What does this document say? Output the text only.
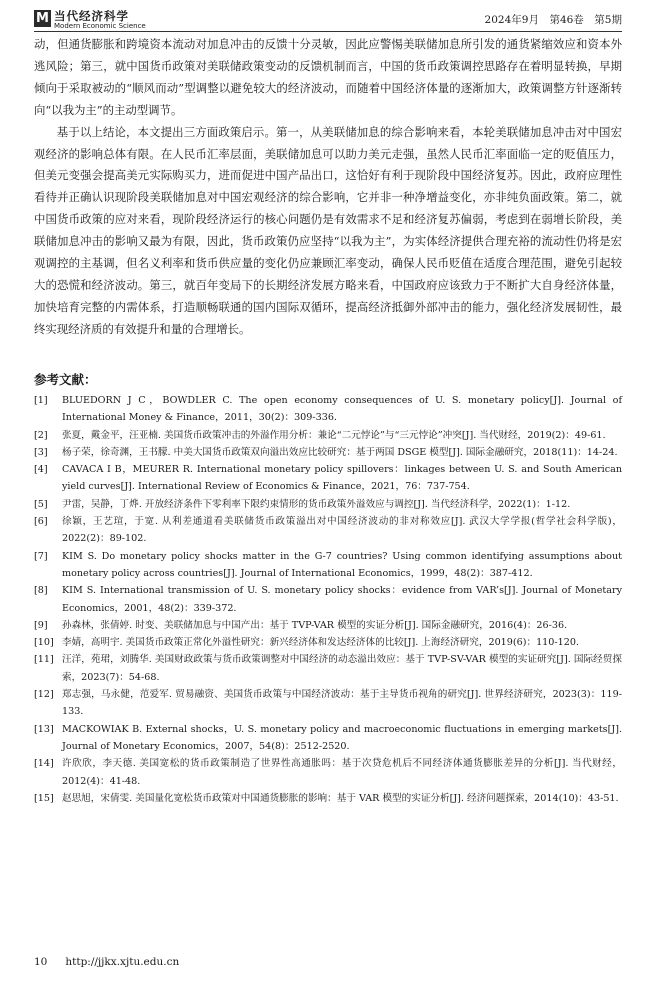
M 当代经济科学
Modern Economic Science	2024年9月　第46卷　第5期

动，但通货膨胀和跨境资本流动对加息冲击的反馈十分灵敏，因此应警惕美联储加息所引发的通货紧缩效应和资本外逃风险；第三，就中国货币政策对美联储政策变动的反馈机制而言，中国的货币政策调控思路存在着明显转换，早期倾向于采取被动的“顺风而动”型调整以避免较大的经济波动，而随着中国经济体量的逐渐加大，政策调整方针逐渐转向“以我为主”的主动型调节。

基于以上结论，本文提出三方面政策启示。第一，从美联储加息的综合影响来看，本轮美联储加息冲击对中国宏观经济的影响总体有限。在人民币汇率层面，美联储加息可以助力美元走强，虽然人民币汇率面临一定的贬值压力，但美元变强会提高美元实际购买力，进而促进中国产品出口，这恰好有利于现阶段中国经济复苏。因此，政府应理性看待并正确认识现阶段美联储加息对中国宏观经济的综合影响，它并非一种净增益变化，亦非纯负面政策。第二，就中国货币政策的应对来看，现阶段经济运行的核心问题仍是有效需求不足和经济复苏偏弱，考虑到在弱增长阶段，美联储加息冲击的影响又最为有限，因此，货币政策仍应坚持“以我为主”，为实体经济提供合理充裕的流动性仍将是宏观调控的主基调，但名义利率和货币供应量的变化仍应兼顾汇率变动，确保人民币贬值在适度合理范围，避免引起较大的恐慌和经济波动。第三，就百年变局下的长期经济发展方略来看，中国政府应该致力于不断扩大自身经济体量，加快培育完整的内需体系，打造顺畅联通的国内国际双循环，提高经济抵御外部冲击的能力，强化经济发展韧性，最终实现经济质的有效提升和量的合理增长。

参考文献：
[1]	BLUEDORN J C，BOWDLER C. The open economy consequences of U. S. monetary policy[J]. Journal of International Money & Finance，2011，30(2)：309-336.
[2]	张夏，戴金平，汪亚楠. 美国货币政策冲击的外溢作用分析：兼论“二元悖论”与“三元悖论”冲突[J]. 当代财经，2019(2)：49-61.
[3]	杨子荣，徐奇渊，王书朦. 中美大国货币政策双向溢出效应比较研究：基于两国 DSGE 模型[J]. 国际金融研究，2018(11)：14-24.
[4]	CAVACA I B，MEURER R. International monetary policy spillovers：linkages between U. S. and South American yield curves[J]. International Review of Economics & Finance，2021，76：737-754.
[5]	尹雷，吴静，丁烨. 开放经济条件下零利率下限约束情形的货币政策外溢效应与调控[J]. 当代经济科学，2022(1)：1-12.
[6]	徐颖，王艺瑄，于宽. 从利差通道看美联储货币政策溢出对中国经济波动的非对称效应[J]. 武汉大学学报(哲学社会科学版)，2022(2)：89-102.
[7]	KIM S. Do monetary policy shocks matter in the G-7 countries? Using common identifying assumptions about monetary policy across countries[J]. Journal of International Economics，1999，48(2)：387-412.
[8]	KIM S. International transmission of U. S. monetary policy shocks：evidence from VAR’s[J]. Journal of Monetary Economics，2001，48(2)：339-372.
[9]	孙森林，张倩婷. 时变、美联储加息与中国产出：基于 TVP-VAR 模型的实证分析[J]. 国际金融研究，2016(4)：26-36.
[10] 李婧，高明宇. 美国货币政策正常化外溢性研究：新兴经济体和发达经济体的比较[J]. 上海经济研究，2019(6)：110-120.
[11] 汪洋，苑珺，刘腾华. 美国财政政策与货币政策调整对中国经济的动态溢出效应：基于 TVP-SV-VAR 模型的实证研究[J]. 国际经贸探索，2023(7)：54-68.
[12] 郑志强，马永健，范爱军. 贸易融资、美国货币政策与中国经济波动：基于主导货币视角的研究[J]. 世界经济研究，2023(3)：119-133.
[13] MACKOWIAK B. External shocks，U. S. monetary policy and macroeconomic fluctuations in emerging markets[J]. Journal of Monetary Economics，2007，54(8)：2512-2520.
[14] 许欣欣，李天德. 美国宽松的货币政策制造了世界性高通胀吗：基于次贷危机后不同经济体通货膨胀差异的分析[J]. 当代财经，2012(4)：41-48.
[15] 赵思旭，宋倩雯. 美国量化宽松货币政策对中国通货膨胀的影响：基于 VAR 模型的实证分析[J]. 经济问题探索，2014(10)：43-51.
10 http://jjkx.xjtu.edu.cn
